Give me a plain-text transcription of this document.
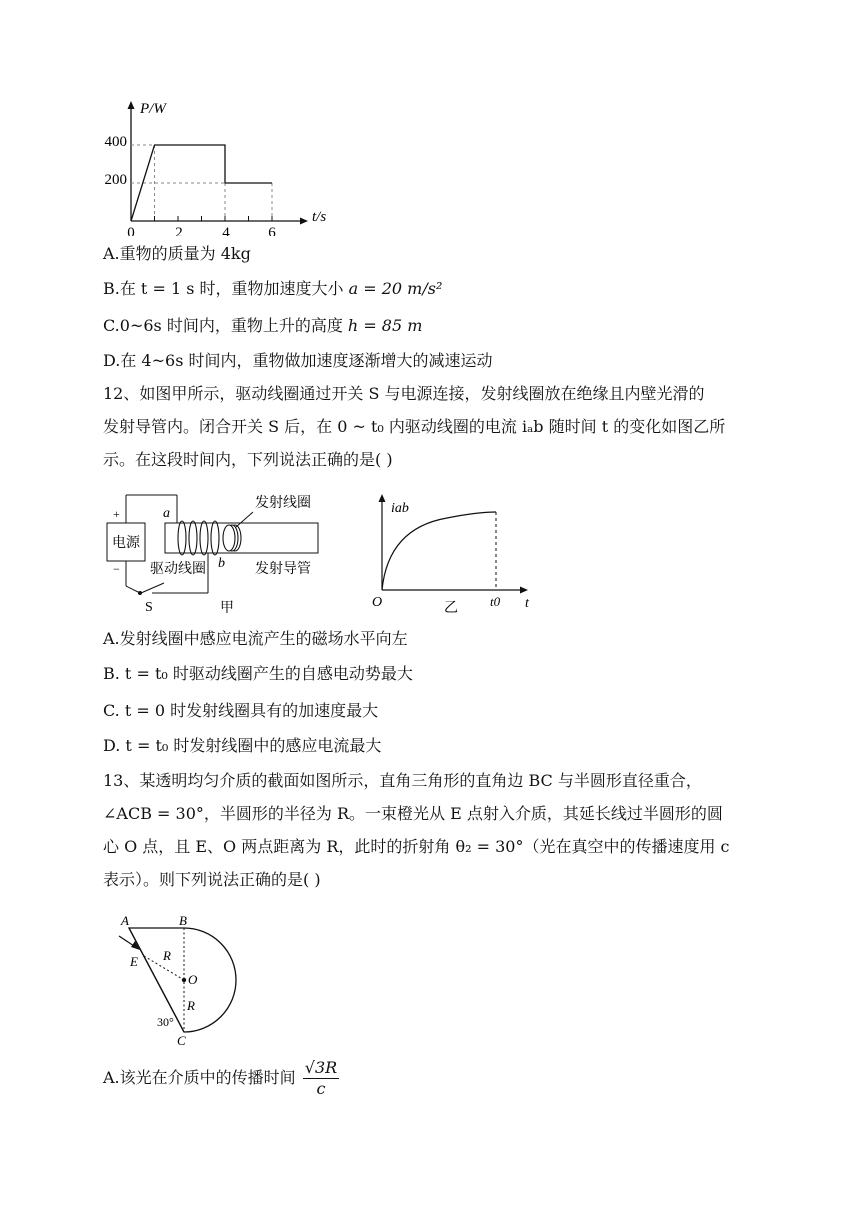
P/W
t/s
400
200
0	2	4	6
A.重物的质量为 4kg
B.在 t = 1 s 时，重物加速度大小 a = 20 m/s²
C.0~6s 时间内，重物上升的高度 h = 85 m
D.在 4~6s 时间内，重物做加速度逐渐增大的减速运动
12、如图甲所示，驱动线圈通过开关 S 与电源连接，发射线圈放在绝缘且内壁光滑的
发射导管内。闭合开关 S 后，在 0 ~ t₀ 内驱动线圈的电流 iₐb 随时间 t 的变化如图乙所
示。在这段时间内，下列说法正确的是( )
+
−
电源
a
b
驱动线圈
发射线圈
发射导管
S	甲
iab
t
O	t0
乙
A.发射线圈中感应电流产生的磁场水平向左
B. t = t₀ 时驱动线圈产生的自感电动势最大
C. t = 0 时发射线圈具有的加速度最大
D. t = t₀ 时发射线圈中的感应电流最大
13、某透明均匀介质的截面如图所示，直角三角形的直角边 BC 与半圆形直径重合，
∠ACB = 30°，半圆形的半径为 R。一束橙光从 E 点射入介质，其延长线过半圆形的圆
心 O 点，且 E、O 两点距离为 R，此时的折射角 θ₂ = 30°（光在真空中的传播速度用 c
表示）。则下列说法正确的是( )
A	B
C
E
O
R
R
30°
A.该光在介质中的传播时间 $\frac{√3R}{c}$
